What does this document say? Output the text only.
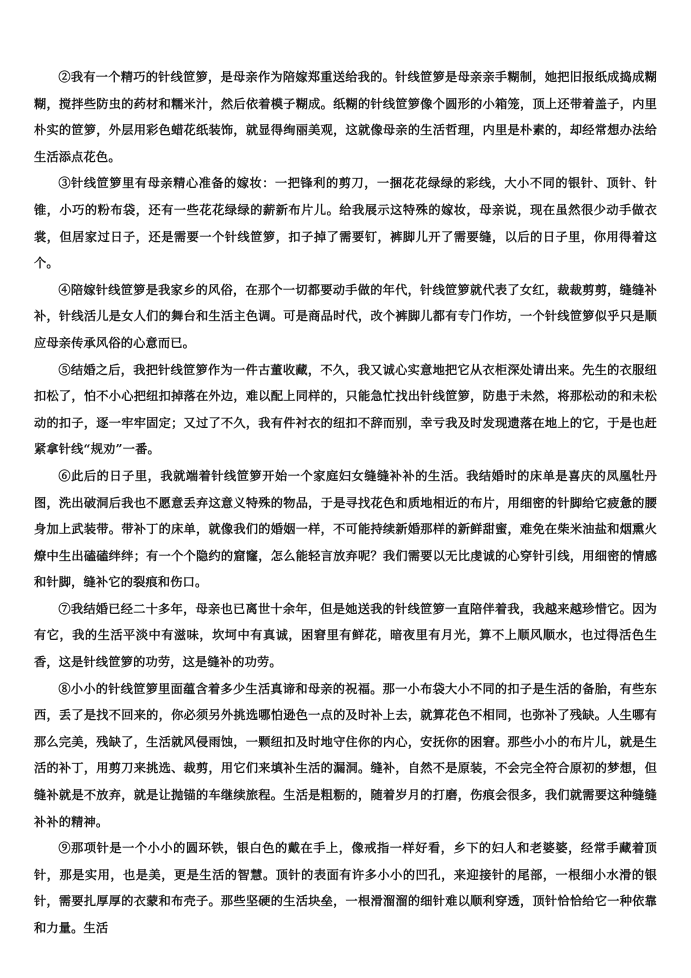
②我有一个精巧的针线笸箩，是母亲作为陪嫁郑重送给我的。针线笸箩是母亲亲手糊制，她把旧报纸成捣成糊糊，搅拌些防虫的药材和糯米汁，然后依着模子糊成。纸糊的针线笸箩像个圆形的小箱笼，顶上还带着盖子，内里朴实的笸箩，外层用彩色蜡花纸装饰，就显得绚丽美观，这就像母亲的生活哲理，内里是朴素的，却经常想办法给生活添点花色。

③针线笸箩里有母亲精心准备的嫁妆：一把锋利的剪刀，一捆花花绿绿的彩线，大小不同的银针、顶针、针锥，小巧的粉布袋，还有一些花花绿绿的薪新布片儿。给我展示这特殊的嫁妆，母亲说，现在虽然很少动手做衣裳，但居家过日子，还是需要一个针线笸箩，扣子掉了需要钉，裤脚儿开了需要缝，以后的日子里，你用得着这个。

④陪嫁针线笸箩是我家乡的风俗，在那个一切都要动手做的年代，针线笸箩就代表了女红，裁裁剪剪，缝缝补补，针线活儿是女人们的舞台和生活主色调。可是商品时代，改个裤脚儿都有专门作坊，一个针线笸箩似乎只是顺应母亲传承风俗的心意而已。

⑤结婚之后，我把针线笸箩作为一件古董收藏，不久，我又诚心实意地把它从衣柜深处请出来。先生的衣服纽扣松了，怕不小心把纽扣掉落在外边，难以配上同样的，只能急忙找出针线笸箩，防患于未然，将那松动的和未松动的扣子，逐一牢牢固定；又过了不久，我有件衬衣的纽扣不辞而别，幸亏我及时发现遗落在地上的它，于是也赶紧拿针线“规劝”一番。

⑥此后的日子里，我就端着针线笸箩开始一个家庭妇女缝缝补补的生活。我结婚时的床单是喜庆的凤凰牡丹图，洗出破洞后我也不愿意丢弃这意义特殊的物品，于是寻找花色和质地相近的布片，用细密的针脚给它疲惫的腰身加上武装带。带补丁的床单，就像我们的婚姻一样，不可能持续新婚那样的新鲜甜蜜，难免在柴米油盐和烟熏火燎中生出磕磕绊绊；有一个个隐约的窟窿，怎么能轻言放弃呢？我们需要以无比虔诚的心穿针引线，用细密的情感和针脚，缝补它的裂痕和伤口。

⑦我结婚已经二十多年，母亲也已离世十余年，但是她送我的针线笸箩一直陪伴着我，我越来越珍惜它。因为有它，我的生活平淡中有滋味，坎坷中有真诚，困窘里有鲜花，暗夜里有月光，算不上顺风顺水，也过得活色生香，这是针线笸箩的功劳，这是缝补的功劳。

⑧小小的针线笸箩里面蕴含着多少生活真谛和母亲的祝福。那一小布袋大小不同的扣子是生活的备胎，有些东西，丢了是找不回来的，你必须另外挑选哪怕逊色一点的及时补上去，就算花色不相同，也弥补了残缺。人生哪有那么完美，残缺了，生活就风侵雨蚀，一颗纽扣及时地守住你的内心，安抚你的困窘。那些小小的布片儿，就是生活的补丁，用剪刀来挑选、裁剪，用它们来填补生活的漏洞。缝补，自然不是原装，不会完全符合原初的梦想，但缝补就是不放弃，就是让抛锚的车继续旅程。生活是粗粝的，随着岁月的打磨，伤痕会很多，我们就需要这种缝缝补补的精神。

⑨那项针是一个小小的圆环铁，银白色的戴在手上，像戒指一样好看，乡下的妇人和老婆婆，经常手藏着顶针，那是实用，也是美，更是生活的智慧。顶针的表面有许多小小的凹孔，来迎接针的尾部，一根细小水滑的银针，需要扎厚厚的衣蒙和布壳子。那些坚硬的生活块垒，一根滑溜溜的细针难以顺利穿透，顶针恰恰给它一种依靠和力量。生活
